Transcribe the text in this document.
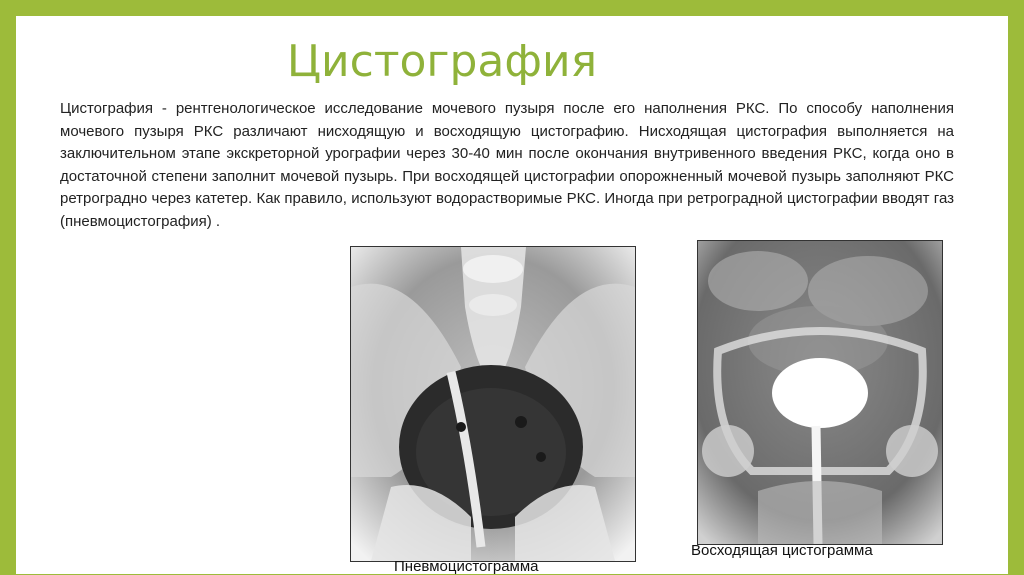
Цистография

Цистография - рентгенологическое исследование мочевого пузыря после его наполнения РКС. По способу наполнения мочевого пузыря РКС различают нисходящую и восходящую цистографию. Нисходящая цистография выполняется на заключительном этапе экскреторной урографии через 30-40 мин после окончания внутривенного введения РКС, когда оно в достаточной степени заполнит мочевой пузырь. При восходящей цистографии опорожненный мочевой пузырь заполняют РКС ретроградно через катетер. Как правило, используют водорастворимые РКС. Иногда при ретроградной цистографии вводят газ (пневмоцистография) .

Пневмоцистограмма
Восходящая цистограмма
